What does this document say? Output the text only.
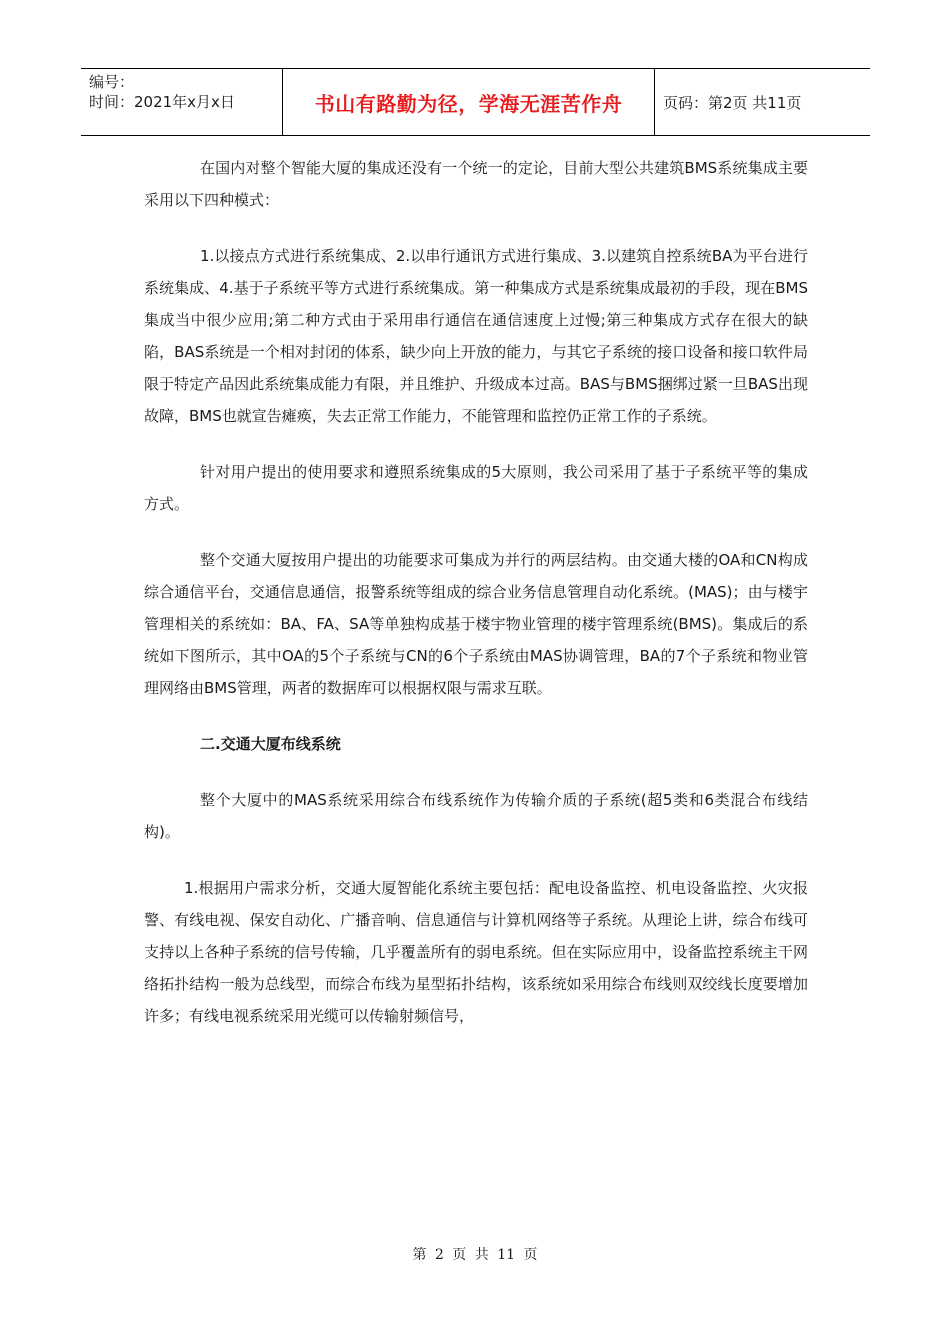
编号：
时间：2021年x月x日	书山有路勤为径，学海无涯苦作舟	页码：第2页 共11页

在国内对整个智能大厦的集成还没有一个统一的定论，目前大型公共建筑BMS系统集成主要采用以下四种模式：

1.以接点方式进行系统集成、2.以串行通讯方式进行集成、3.以建筑自控系统BA为平台进行系统集成、4.基于子系统平等方式进行系统集成。第一种集成方式是系统集成最初的手段，现在BMS集成当中很少应用;第二种方式由于采用串行通信在通信速度上过慢;第三种集成方式存在很大的缺陷，BAS系统是一个相对封闭的体系，缺少向上开放的能力，与其它子系统的接口设备和接口软件局限于特定产品因此系统集成能力有限，并且维护、升级成本过高。BAS与BMS捆绑过紧一旦BAS出现故障，BMS也就宣告瘫痪，失去正常工作能力，不能管理和监控仍正常工作的子系统。

针对用户提出的使用要求和遵照系统集成的5大原则，我公司采用了基于子系统平等的集成方式。

整个交通大厦按用户提出的功能要求可集成为并行的两层结构。由交通大楼的OA和CN构成综合通信平台，交通信息通信，报警系统等组成的综合业务信息管理自动化系统。(MAS)；由与楼宇管理相关的系统如：BA、FA、SA等单独构成基于楼宇物业管理的楼宇管理系统(BMS)。集成后的系统如下图所示，其中OA的5个子系统与CN的6个子系统由MAS协调管理，BA的7个子系统和物业管理网络由BMS管理，两者的数据库可以根据权限与需求互联。

二.交通大厦布线系统

整个大厦中的MAS系统采用综合布线系统作为传输介质的子系统(超5类和6类混合布线结构)。

1.根据用户需求分析，交通大厦智能化系统主要包括：配电设备监控、机电设备监控、火灾报警、有线电视、保安自动化、广播音响、信息通信与计算机网络等子系统。从理论上讲，综合布线可支持以上各种子系统的信号传输，几乎覆盖所有的弱电系统。但在实际应用中，设备监控系统主干网络拓扑结构一般为总线型，而综合布线为星型拓扑结构，该系统如采用综合布线则双绞线长度要增加许多；有线电视系统采用光缆可以传输射频信号，

第 2 页 共 11 页
